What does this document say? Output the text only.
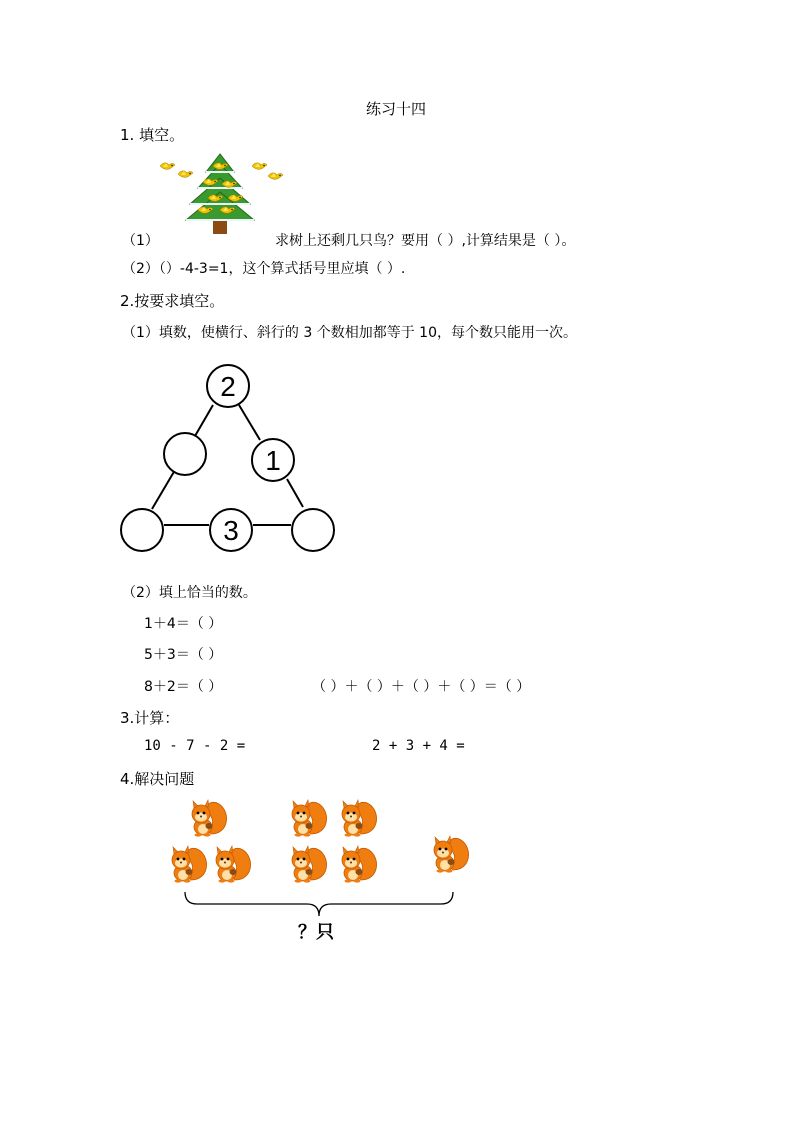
练习十四
1. 填空。
（1）	求树上还剩几只鸟？要用（ ）,计算结果是（ ）。
（2）（）-4-3=1，这个算式括号里应填（ ）.
2.按要求填空。
（1）填数，使横行、斜行的 3 个数相加都等于 10，每个数只能用一次。
2
1
3
（2）填上恰当的数。
1＋4＝（ ）
5＋3＝（ ）
8＋2＝（ ）	（ ）＋（ ）＋（ ）＋（ ）＝（ ）
3.计算：
10 - 7 - 2 =	2 + 3 + 4 =
4.解决问题
？只
